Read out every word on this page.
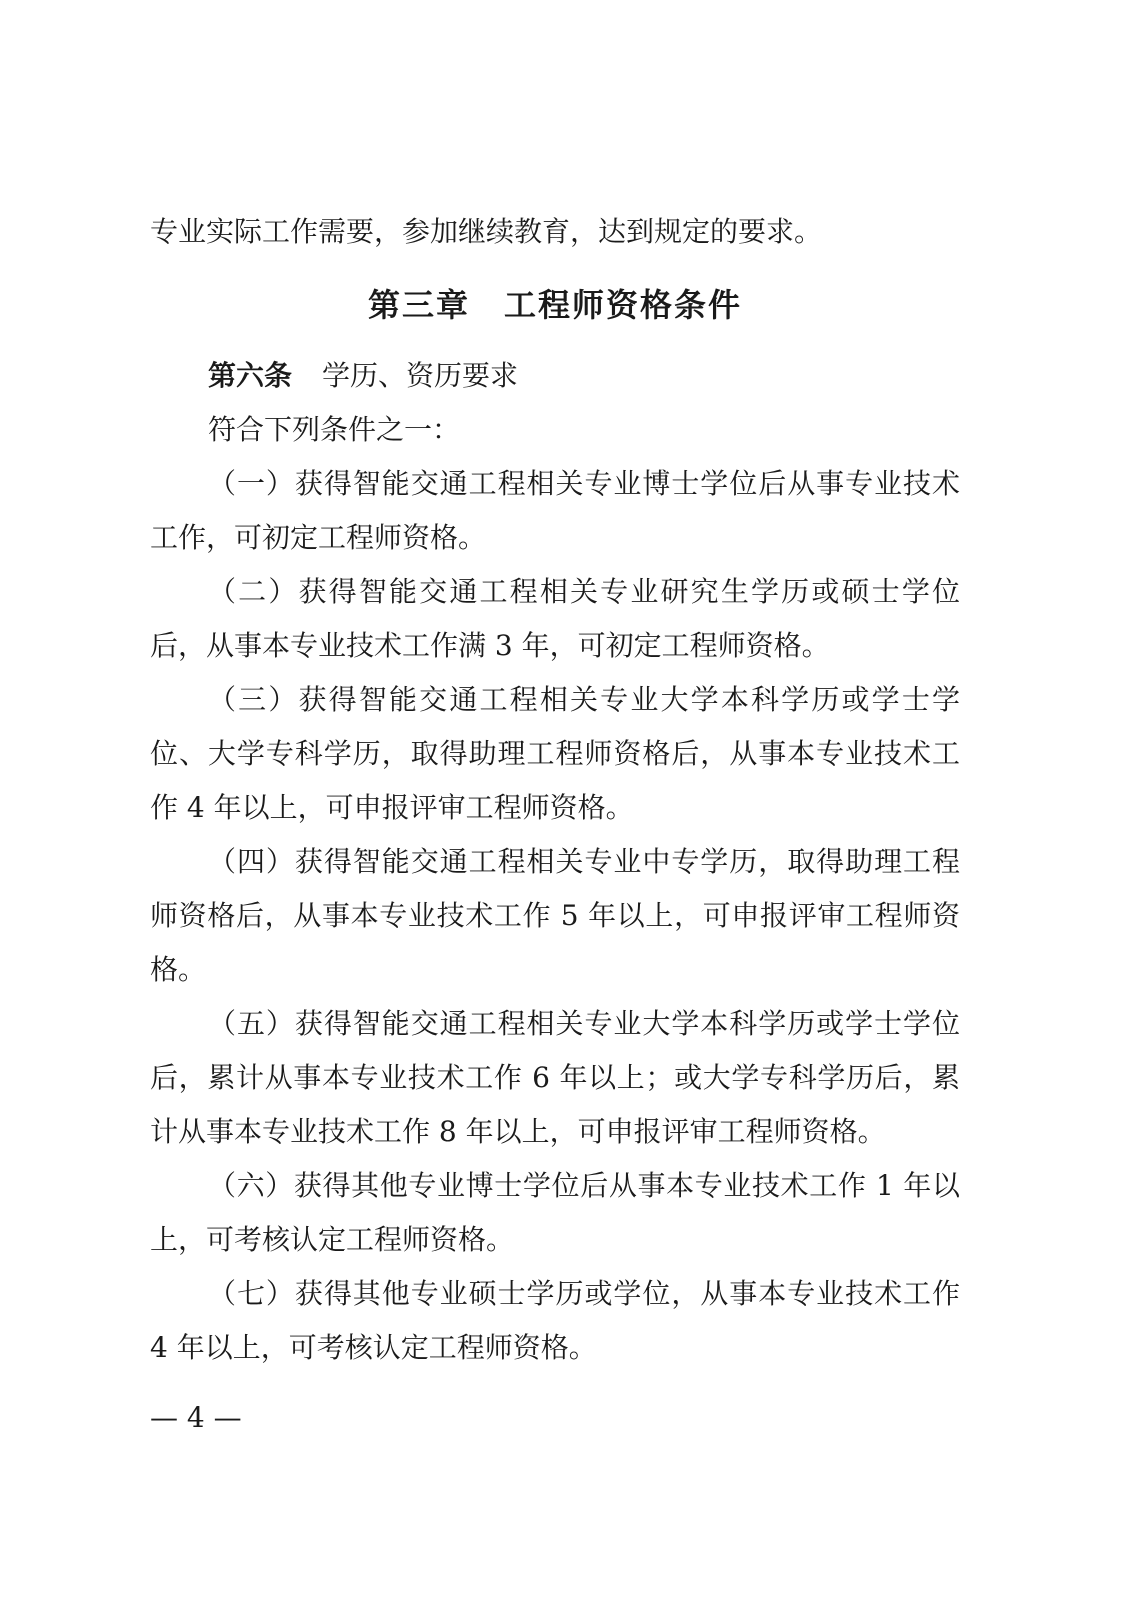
专业实际工作需要，参加继续教育，达到规定的要求。
第三章 工程师资格条件
第六条 学历、资历要求
符合下列条件之一：
（一）获得智能交通工程相关专业博士学位后从事专业技术
工作，可初定工程师资格。
（二）获得智能交通工程相关专业研究生学历或硕士学位
后，从事本专业技术工作满 3 年，可初定工程师资格。
（三）获得智能交通工程相关专业大学本科学历或学士学
位、大学专科学历，取得助理工程师资格后，从事本专业技术工
作 4 年以上，可申报评审工程师资格。
（四）获得智能交通工程相关专业中专学历，取得助理工程
师资格后，从事本专业技术工作 5 年以上，可申报评审工程师资
格。
（五）获得智能交通工程相关专业大学本科学历或学士学位
后，累计从事本专业技术工作 6 年以上；或大学专科学历后，累
计从事本专业技术工作 8 年以上，可申报评审工程师资格。
（六）获得其他专业博士学位后从事本专业技术工作 1 年以
上，可考核认定工程师资格。
（七）获得其他专业硕士学历或学位，从事本专业技术工作
4 年以上，可考核认定工程师资格。
— 4 —
